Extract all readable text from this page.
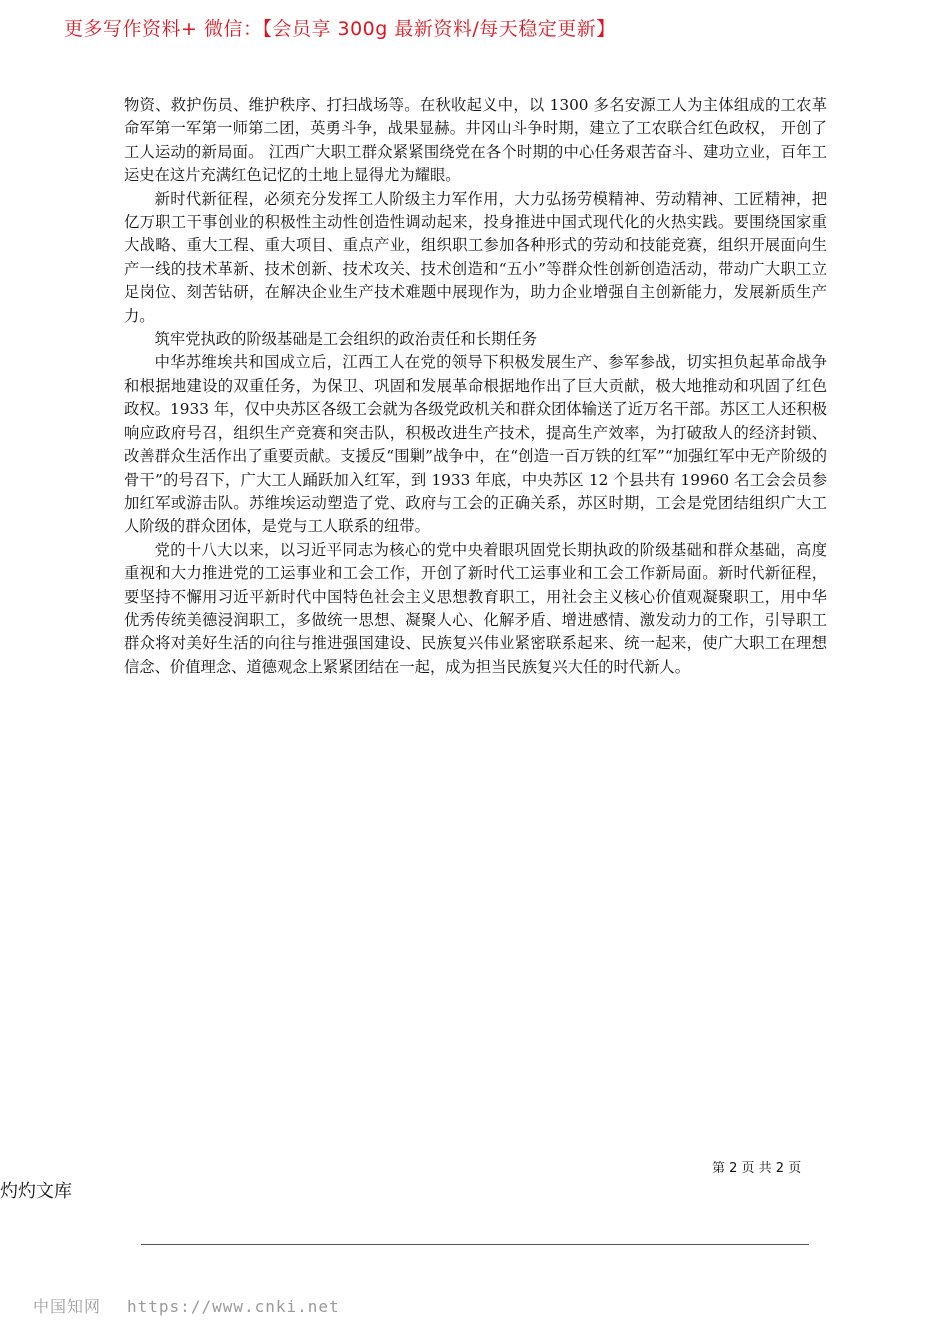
更多写作资料+ 微信：【会员享 300g 最新资料/每天稳定更新】

物资、救护伤员、维护秩序、打扫战场等。在秋收起义中，以 1300 多名安源工人为主体组成的工农革命军第一军第一师第二团，英勇斗争，战果显赫。井冈山斗争时期，建立了工农联合红色政权， 开创了工人运动的新局面。 江西广大职工群众紧紧围绕党在各个时期的中心任务艰苦奋斗、建功立业，百年工运史在这片充满红色记忆的土地上显得尤为耀眼。

新时代新征程，必须充分发挥工人阶级主力军作用，大力弘扬劳模精神、劳动精神、工匠精神，把亿万职工干事创业的积极性主动性创造性调动起来，投身推进中国式现代化的火热实践。要围绕国家重大战略、重大工程、重大项目、重点产业，组织职工参加各种形式的劳动和技能竞赛，组织开展面向生产一线的技术革新、技术创新、技术攻关、技术创造和“五小”等群众性创新创造活动，带动广大职工立足岗位、刻苦钻研，在解决企业生产技术难题中展现作为，助力企业增强自主创新能力，发展新质生产力。

筑牢党执政的阶级基础是工会组织的政治责任和长期任务

中华苏维埃共和国成立后，江西工人在党的领导下积极发展生产、参军参战，切实担负起革命战争和根据地建设的双重任务，为保卫、巩固和发展革命根据地作出了巨大贡献，极大地推动和巩固了红色政权。1933 年，仅中央苏区各级工会就为各级党政机关和群众团体输送了近万名干部。苏区工人还积极响应政府号召，组织生产竞赛和突击队，积极改进生产技术，提高生产效率，为打破敌人的经济封锁、改善群众生活作出了重要贡献。支援反“围剿”战争中，在“创造一百万铁的红军”“加强红军中无产阶级的骨干”的号召下，广大工人踊跃加入红军，到 1933 年底，中央苏区 12 个县共有 19960 名工会会员参加红军或游击队。苏维埃运动塑造了党、政府与工会的正确关系，苏区时期，工会是党团结组织广大工人阶级的群众团体，是党与工人联系的纽带。

党的十八大以来，以习近平同志为核心的党中央着眼巩固党长期执政的阶级基础和群众基础，高度重视和大力推进党的工运事业和工会工作，开创了新时代工运事业和工会工作新局面。新时代新征程，要坚持不懈用习近平新时代中国特色社会主义思想教育职工，用社会主义核心价值观凝聚职工，用中华优秀传统美德浸润职工，多做统一思想、凝聚人心、化解矛盾、增进感情、激发动力的工作，引导职工群众将对美好生活的向往与推进强国建设、民族复兴伟业紧密联系起来、统一起来，使广大职工在理想信念、价值理念、道德观念上紧紧团结在一起，成为担当民族复兴大任的时代新人。

第 2 页 共 2 页
灼灼文库
中国知网 https://www.cnki.net
